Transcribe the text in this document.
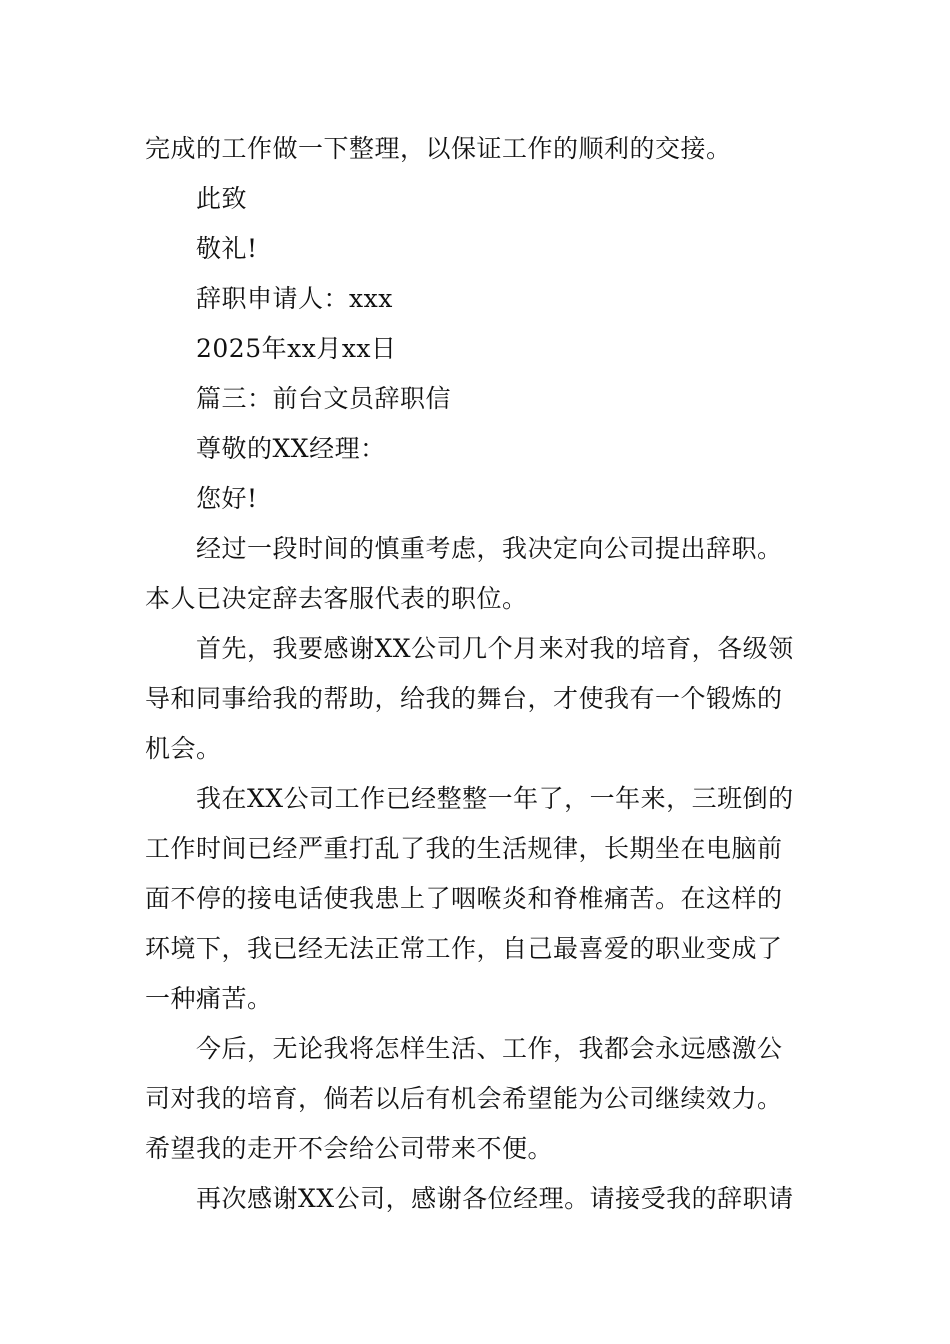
完成的工作做一下整理，以保证工作的顺利的交接。
此致
敬礼!
辞职申请人：xxx
2025年xx月xx日
篇三：前台文员辞职信
尊敬的XX经理：
您好!
经过一段时间的慎重考虑，我决定向公司提出辞职。
本人已决定辞去客服代表的职位。
首先，我要感谢XX公司几个月来对我的培育，各级领
导和同事给我的帮助，给我的舞台，才使我有一个锻炼的
机会。
我在XX公司工作已经整整一年了，一年来，三班倒的
工作时间已经严重打乱了我的生活规律，长期坐在电脑前
面不停的接电话使我患上了咽喉炎和脊椎痛苦。在这样的
环境下，我已经无法正常工作，自己最喜爱的职业变成了
一种痛苦。
今后，无论我将怎样生活、工作，我都会永远感激公
司对我的培育，倘若以后有机会希望能为公司继续效力。
希望我的走开不会给公司带来不便。
再次感谢XX公司，感谢各位经理。请接受我的辞职请
